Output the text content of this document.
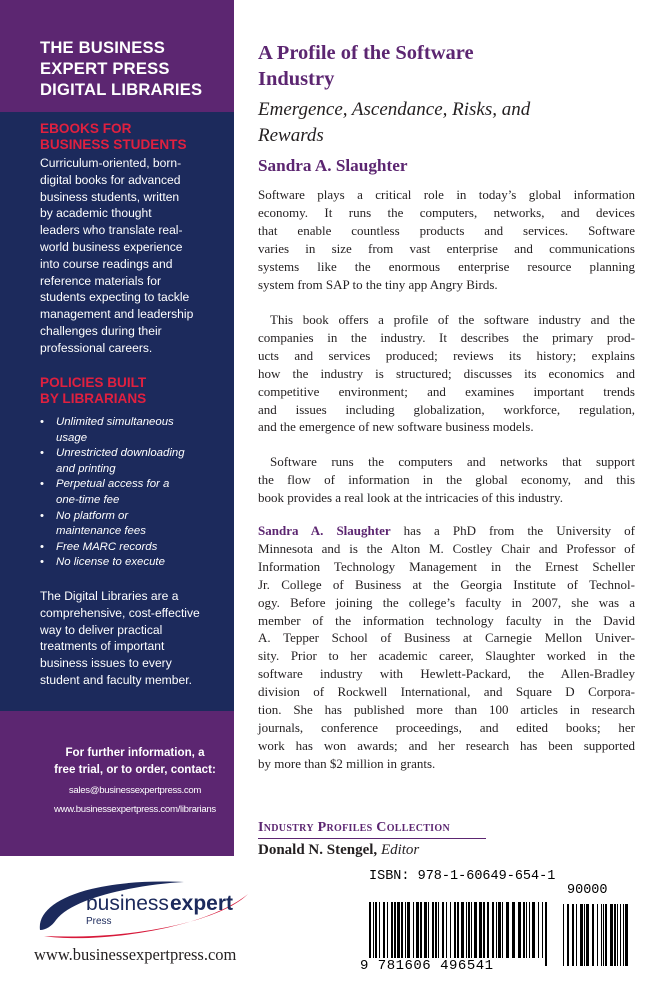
THE BUSINESS
EXPERT PRESS
DIGITAL LIBRARIES
EBOOKS FOR
BUSINESS STUDENTS
Curriculum-oriented, born-
digital books for advanced
business students, written
by academic thought
leaders who translate real-
world business experience
into course readings and
reference materials for
students expecting to tackle
management and leadership
challenges during their
professional careers.
POLICIES BUILT
BY LIBRARIANS
• Unlimited simultaneous
usage
• Unrestricted downloading
and printing
• Perpetual access for a
one-time fee
• No platform or
maintenance fees
• Free MARC records
• No license to execute
The Digital Libraries are a
comprehensive, cost-effective
way to deliver practical
treatments of important
business issues to every
student and faculty member.
For further information, a
free trial, or to order, contact:
sales@businessexpertpress.com
www.businessexpertpress.com/librarians
A Profile of the Software
Industry
Emergence, Ascendance, Risks, and
Rewards
Sandra A. Slaughter
Software plays a critical role in today’s global information
economy. It runs the computers, networks, and devices
that enable countless products and services. Software
varies in size from vast enterprise and communications
systems like the enormous enterprise resource planning
system from SAP to the tiny app Angry Birds.
This book offers a profile of the software industry and the
companies in the industry. It describes the primary prod-
ucts and services produced; reviews its history; explains
how the industry is structured; discusses its economics and
competitive environment; and examines important trends
and issues including globalization, workforce, regulation,
and the emergence of new software business models.
Software runs the computers and networks that support
the flow of information in the global economy, and this
book provides a real look at the intricacies of this industry.
Sandra A. Slaughter has a PhD from the University of
Minnesota and is the Alton M. Costley Chair and Professor of
Information Technology Management in the Ernest Scheller
Jr. College of Business at the Georgia Institute of Technol-
ogy. Before joining the college’s faculty in 2007, she was a
member of the information technology faculty in the David
A. Tepper School of Business at Carnegie Mellon Univer-
sity. Prior to her academic career, Slaughter worked in the
software industry with Hewlett-Packard, the Allen-Bradley
division of Rockwell International, and Square D Corpora-
tion. She has published more than 100 articles in research
journals, conference proceedings, and edited books; her
work has won awards; and her research has been supported
by more than $2 million in grants.
Industry Profiles Collection
Donald N. Stengel, Editor
business expert
Press
www.businessexpertpress.com
ISBN: 978-1-60649-654-1
90000
9 781606 496541
